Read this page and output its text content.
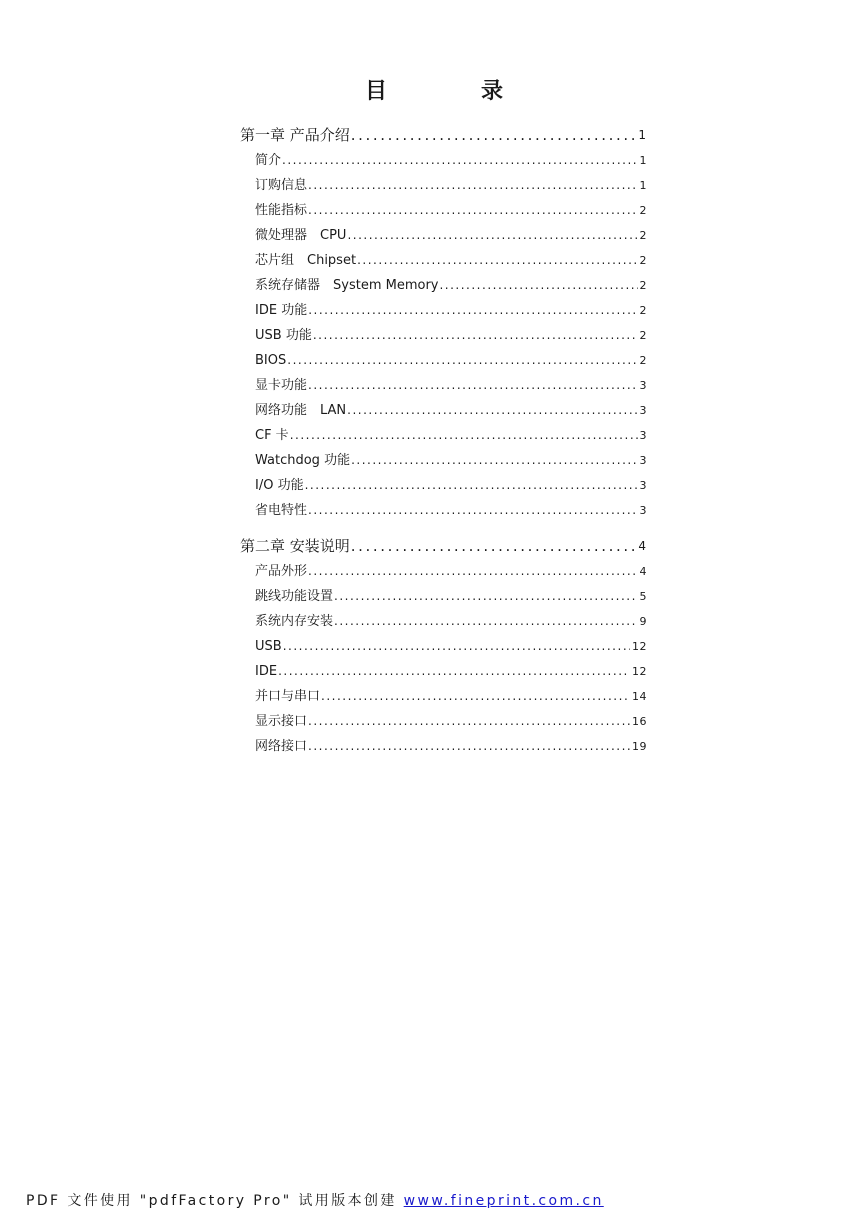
目　录
第一章 产品介绍 .....	1
简介 .....	1
订购信息 .....	1
性能指标 .....	2
微处理器　CPU .....	2
芯片组　Chipset .....	2
系统存储器　System Memory .....	2
IDE 功能 .....	2
USB 功能 .....	2
BIOS .....	2
显卡功能 .....	3
网络功能　LAN .....	3
CF 卡 .....	3
Watchdog 功能 .....	3
I/O 功能 .....	3
省电特性 .....	3
第二章 安装说明 .....	4
产品外形 .....	4
跳线功能设置 .....	5
系统内存安装 .....	9
USB .....	12
IDE .....	12
并口与串口 .....	14
显示接口 .....	16
网络接口 .....	19
PDF 文件使用 "pdfFactory Pro" 试用版本创建 www.fineprint.com.cn
